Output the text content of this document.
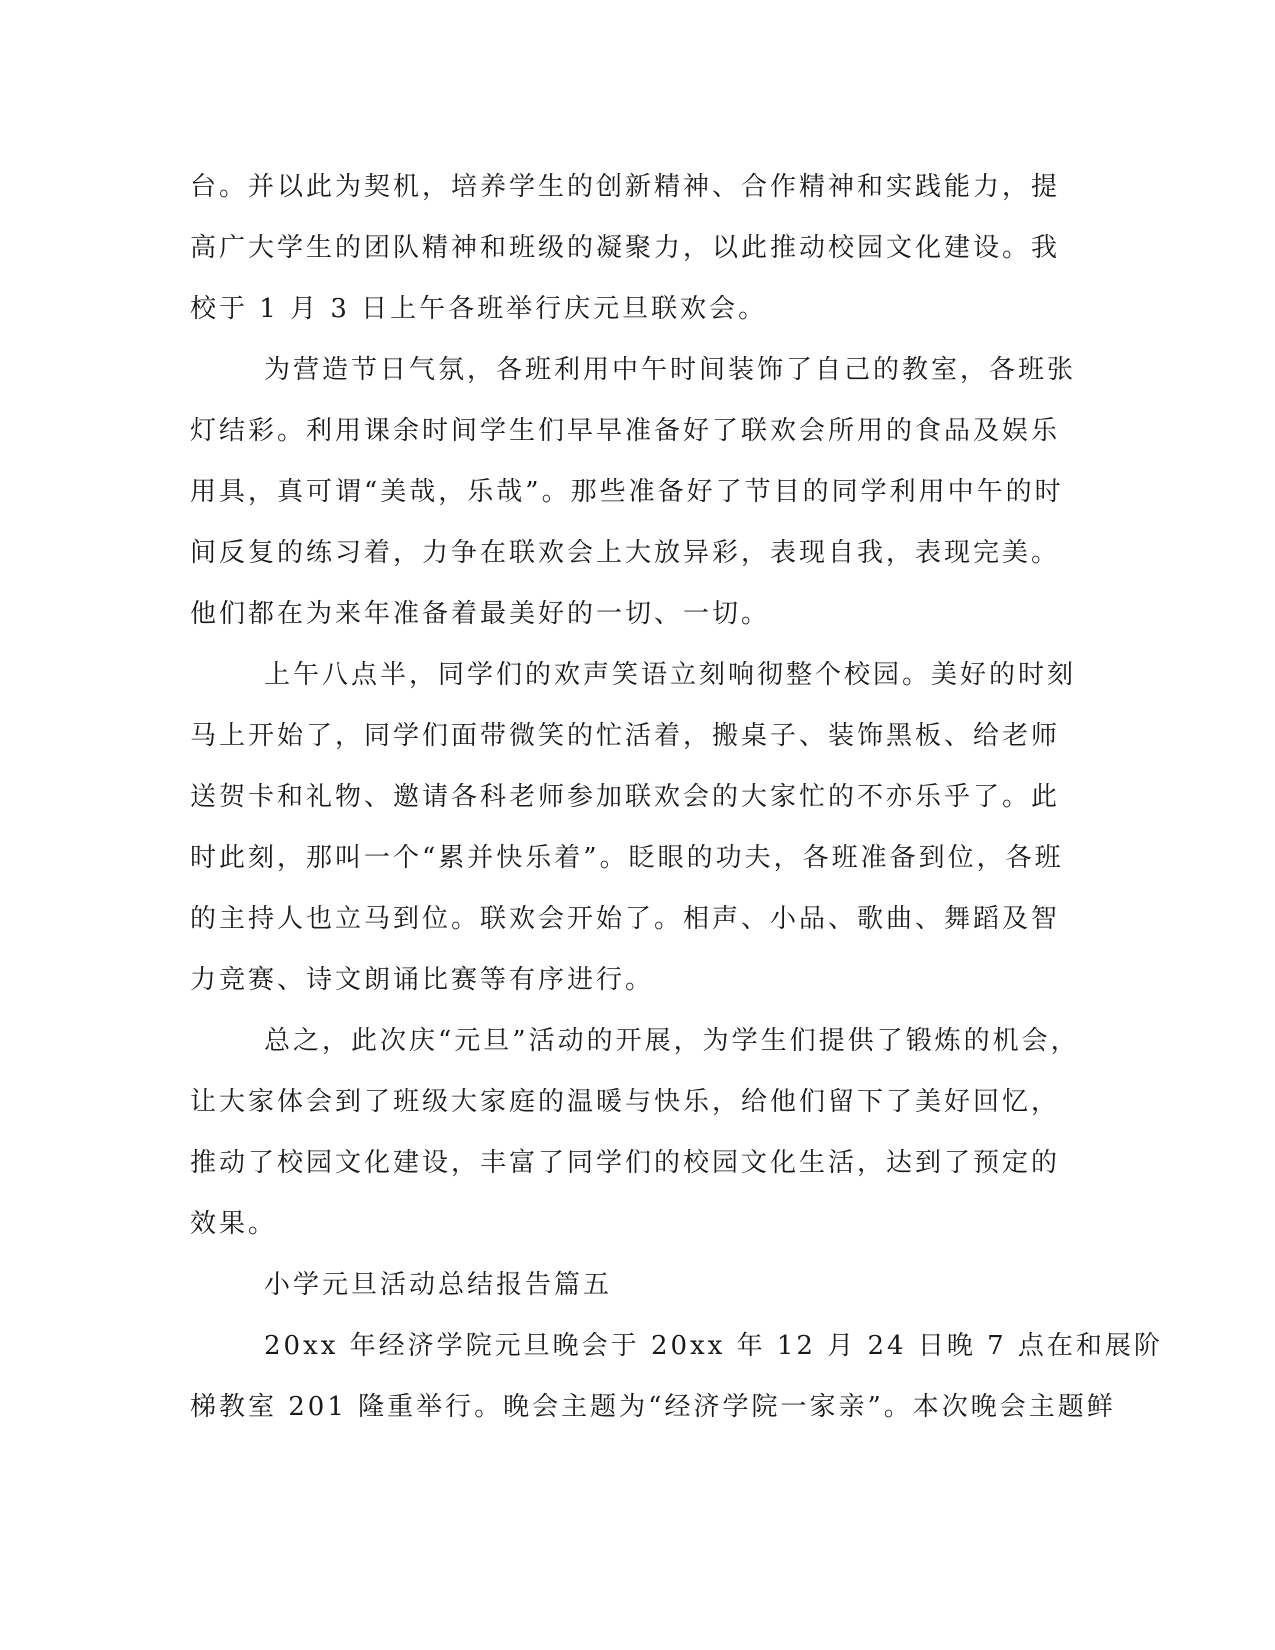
台。并以此为契机，培养学生的创新精神、合作精神和实践能力，提
高广大学生的团队精神和班级的凝聚力，以此推动校园文化建设。我
校于 1 月 3 日上午各班举行庆元旦联欢会。
为营造节日气氛，各班利用中午时间装饰了自己的教室，各班张
灯结彩。利用课余时间学生们早早准备好了联欢会所用的食品及娱乐
用具，真可谓“美哉，乐哉”。那些准备好了节目的同学利用中午的时
间反复的练习着，力争在联欢会上大放异彩，表现自我，表现完美。
他们都在为来年准备着最美好的一切、一切。
上午八点半，同学们的欢声笑语立刻响彻整个校园。美好的时刻
马上开始了，同学们面带微笑的忙活着，搬桌子、装饰黑板、给老师
送贺卡和礼物、邀请各科老师参加联欢会的大家忙的不亦乐乎了。此
时此刻，那叫一个“累并快乐着”。眨眼的功夫，各班准备到位，各班
的主持人也立马到位。联欢会开始了。相声、小品、歌曲、舞蹈及智
力竞赛、诗文朗诵比赛等有序进行。
总之，此次庆“元旦”活动的开展，为学生们提供了锻炼的机会，
让大家体会到了班级大家庭的温暖与快乐，给他们留下了美好回忆，
推动了校园文化建设，丰富了同学们的校园文化生活，达到了预定的
效果。
小学元旦活动总结报告篇五
20xx 年经济学院元旦晚会于 20xx 年 12 月 24 日晚 7 点在和展阶
梯教室 201 隆重举行。晚会主题为“经济学院一家亲”。本次晚会主题鲜
